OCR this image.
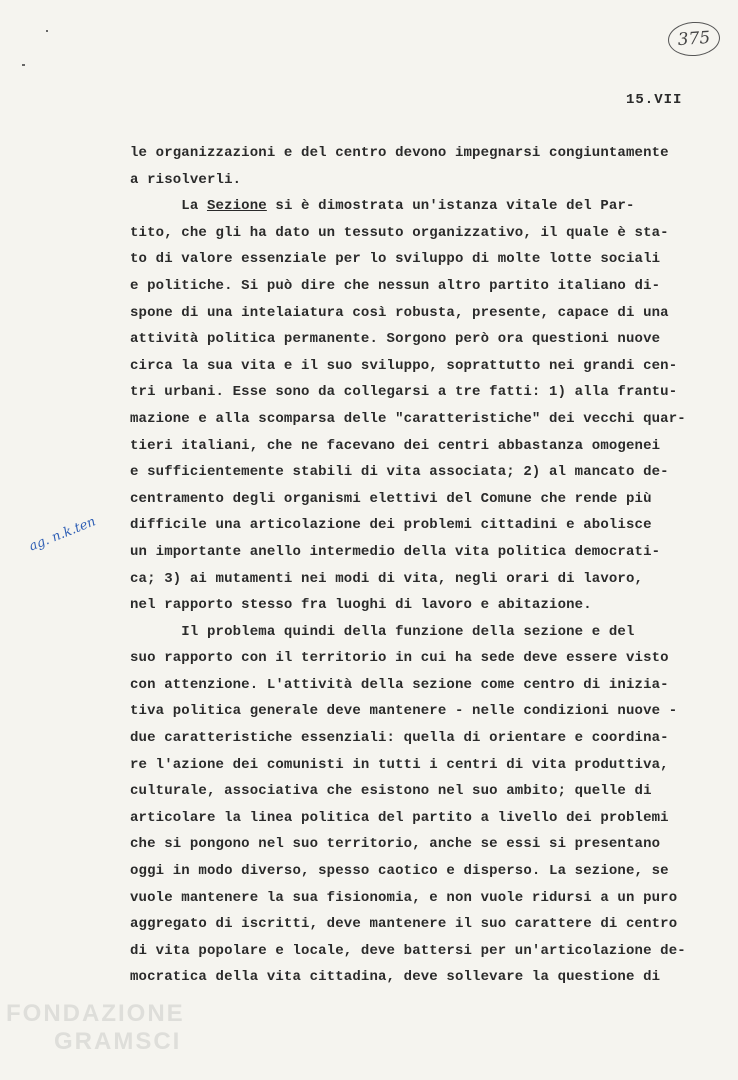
375
15.VII
ag. n.k.ten
le organizzazioni e del centro devono impegnarsi congiuntamente
a risolverli.
La Sezione si è dimostrata un'istanza vitale del Par-
tito, che gli ha dato un tessuto organizzativo, il quale è sta-
to di valore essenziale per lo sviluppo di molte lotte sociali
e politiche. Si può dire che nessun altro partito italiano di-
spone di una intelaiatura così robusta, presente, capace di una
attività politica permanente. Sorgono però ora questioni nuove
circa la sua vita e il suo sviluppo, soprattutto nei grandi cen-
tri urbani. Esse sono da collegarsi a tre fatti: 1) alla frantu-
mazione e alla scomparsa delle "caratteristiche" dei vecchi quar-
tieri italiani, che ne facevano dei centri abbastanza omogenei
e sufficientemente stabili di vita associata; 2) al mancato de-
centramento degli organismi elettivi del Comune che rende più
difficile una articolazione dei problemi cittadini e abolisce
un importante anello intermedio della vita politica democrati-
ca; 3) ai mutamenti nei modi di vita, negli orari di lavoro,
nel rapporto stesso fra luoghi di lavoro e abitazione.
Il problema quindi della funzione della sezione e del
suo rapporto con il territorio in cui ha sede deve essere visto
con attenzione. L'attività della sezione come centro di inizia-
tiva politica generale deve mantenere - nelle condizioni nuove -
due caratteristiche essenziali: quella di orientare e coordina-
re l'azione dei comunisti in tutti i centri di vita produttiva,
culturale, associativa che esistono nel suo ambito; quelle di
articolare la linea politica del partito a livello dei problemi
che si pongono nel suo territorio, anche se essi si presentano
oggi in modo diverso, spesso caotico e disperso. La sezione, se
vuole mantenere la sua fisionomia, e non vuole ridursi a un puro
aggregato di iscritti, deve mantenere il suo carattere di centro
di vita popolare e locale, deve battersi per un'articolazione de-
mocratica della vita cittadina, deve sollevare la questione di
FONDAZIONE
GRAMSCI
